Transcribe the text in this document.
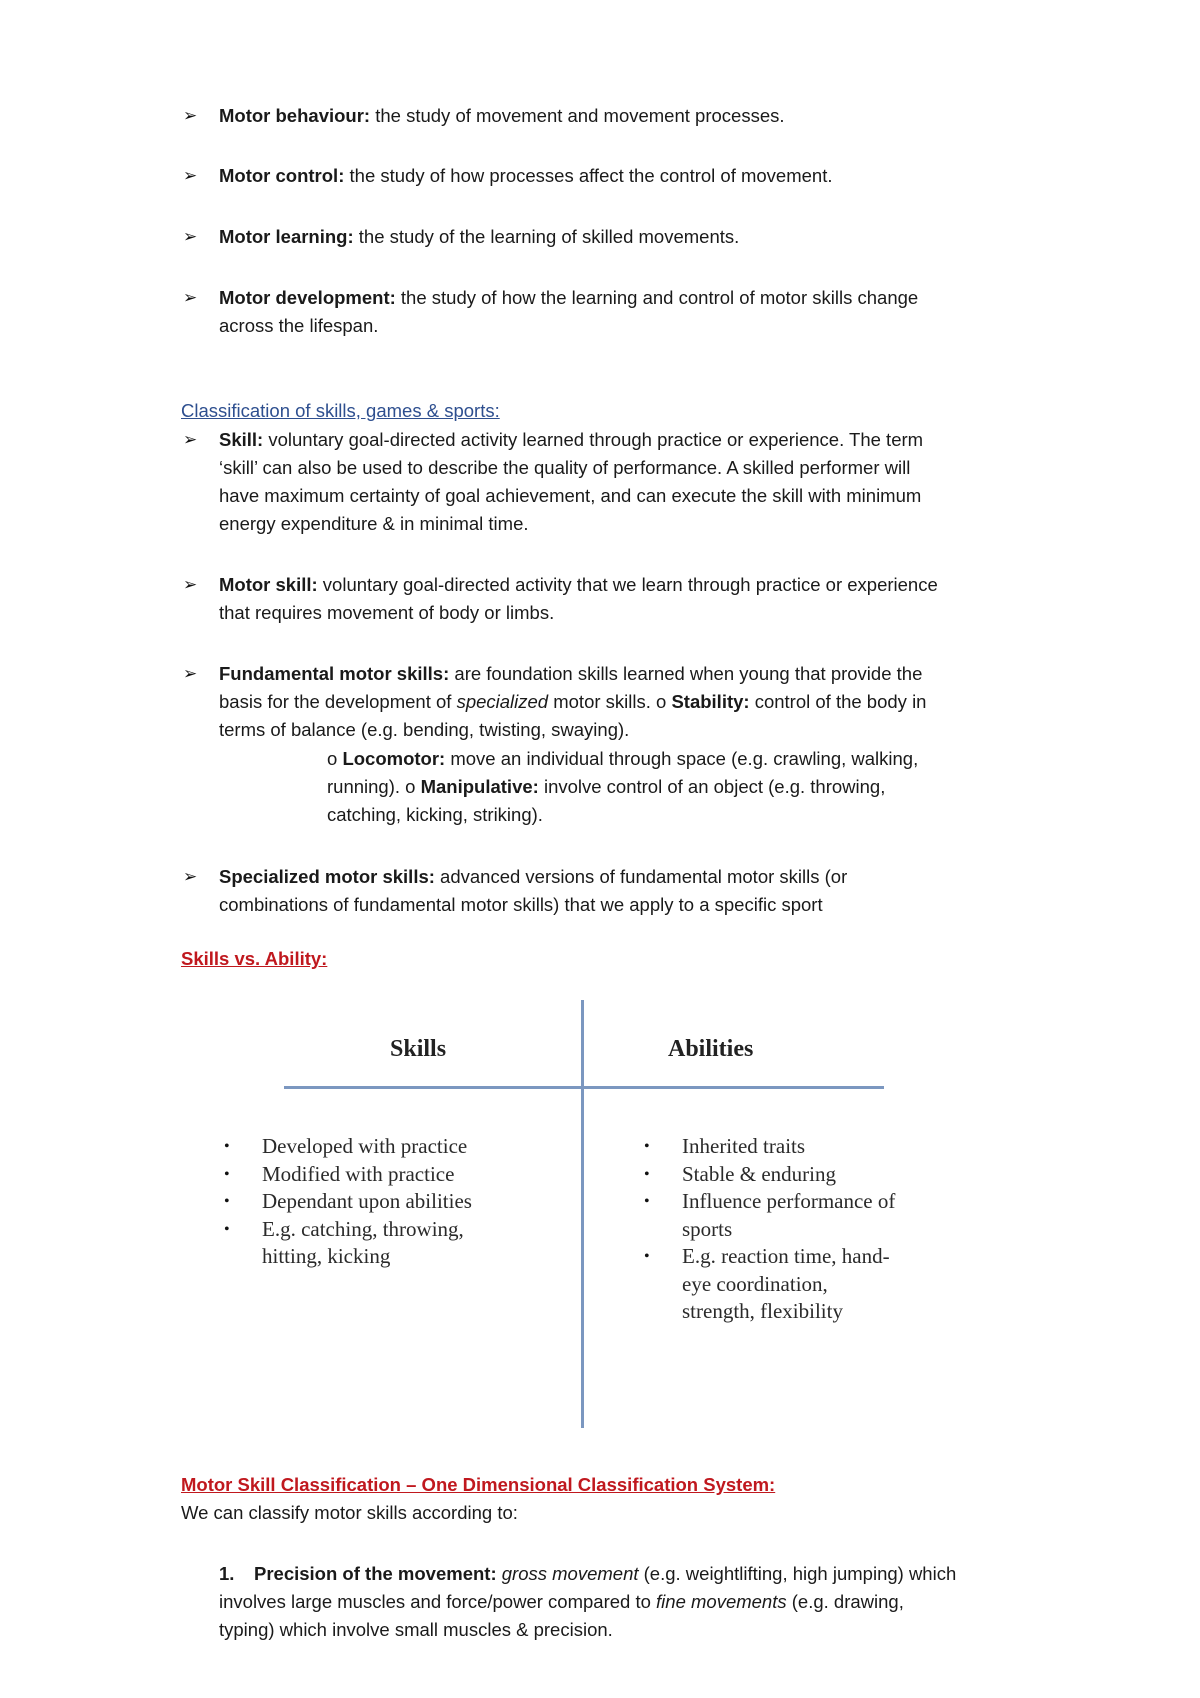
➢ Motor behaviour: the study of movement and movement processes.
➢ Motor control: the study of how processes affect the control of movement.
➢ Motor learning: the study of the learning of skilled movements.
➢ Motor development: the study of how the learning and control of motor skills change
across the lifespan.
Classification of skills, games & sports:
➢ Skill: voluntary goal-directed activity learned through practice or experience. The term
‘skill’ can also be used to describe the quality of performance. A skilled performer will
have maximum certainty of goal achievement, and can execute the skill with minimum
energy expenditure & in minimal time.
➢ Motor skill: voluntary goal-directed activity that we learn through practice or experience
that requires movement of body or limbs.
➢ Fundamental motor skills: are foundation skills learned when young that provide the
basis for the development of specialized motor skills. o Stability: control of the body in
terms of balance (e.g. bending, twisting, swaying).
o Locomotor: move an individual through space (e.g. crawling, walking,
running). o Manipulative: involve control of an object (e.g. throwing,
catching, kicking, striking).
➢ Specialized motor skills: advanced versions of fundamental motor skills (or
combinations of fundamental motor skills) that we apply to a specific sport
Skills vs. Ability:
Skills	Abilities
• Developed with practice
• Modified with practice
• Dependant upon abilities
• E.g. catching, throwing,
hitting, kicking
• Inherited traits
• Stable & enduring
• Influence performance of
sports
• E.g. reaction time, hand-
eye coordination,
strength, flexibility
Motor Skill Classification – One Dimensional Classification System:
We can classify motor skills according to:
1. Precision of the movement: gross movement (e.g. weightlifting, high jumping) which
involves large muscles and force/power compared to fine movements (e.g. drawing,
typing) which involve small muscles & precision.
